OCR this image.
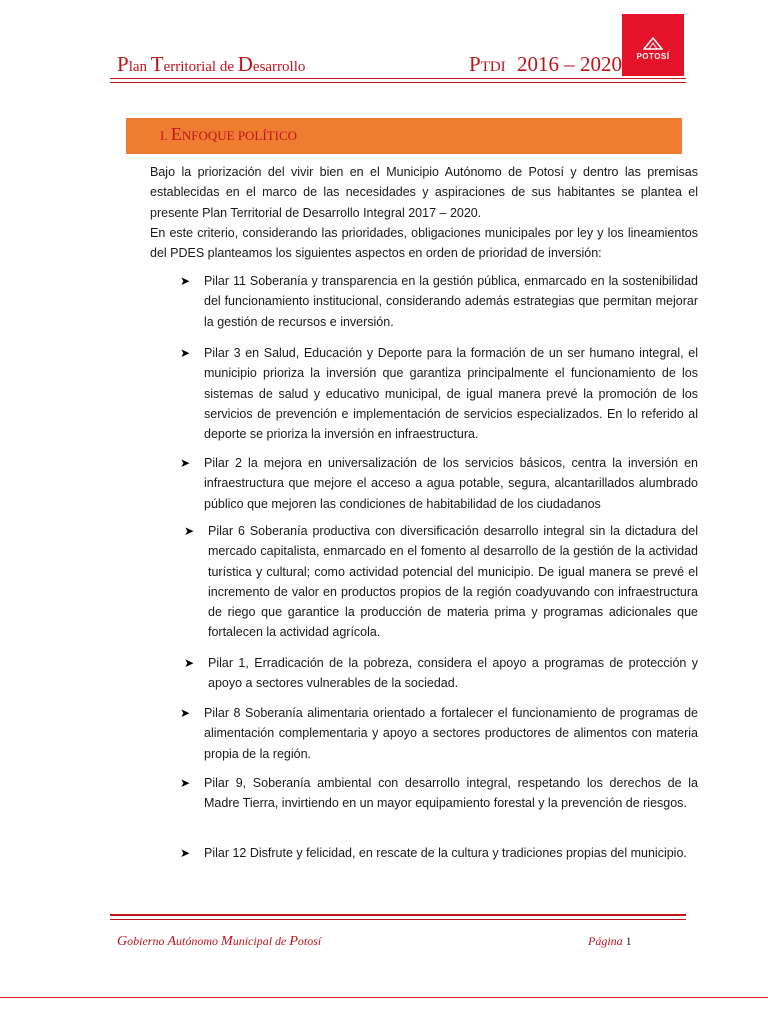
Plan Territorial de Desarrollo	PTDI 2016 – 2020 POTOSÍ
I. ENFOQUE POLÍTICO

Bajo la priorización del vivir bien en el Municipio Autónomo de Potosí y dentro las premisas establecidas en el marco de las necesidades y aspiraciones de sus habitantes se plantea el presente Plan Territorial de Desarrollo Integral 2017 – 2020.

En este criterio, considerando las prioridades, obligaciones municipales por ley y los lineamientos del PDES planteamos los siguientes aspectos en orden de prioridad de inversión:

➤ Pilar 11 Soberanía y transparencia en la gestión pública, enmarcado en la sostenibilidad del funcionamiento institucional, considerando además estrategias que permitan mejorar la gestión de recursos e inversión.
➤ Pilar 3 en Salud, Educación y Deporte para la formación de un ser humano integral, el municipio prioriza la inversión que garantiza principalmente el funcionamiento de los sistemas de salud y educativo municipal, de igual manera prevé la promoción de los servicios de prevención e implementación de servicios especializados. En lo referido al deporte se prioriza la inversión en infraestructura.
➤ Pilar 2 la mejora en universalización de los servicios básicos, centra la inversión en infraestructura que mejore el acceso a agua potable, segura, alcantarillados alumbrado público que mejoren las condiciones de habitabilidad de los ciudadanos
➤ Pilar 6 Soberanía productiva con diversificación desarrollo integral sin la dictadura del mercado capitalista, enmarcado en el fomento al desarrollo de la gestión de la actividad turística y cultural; como actividad potencial del municipio. De igual manera se prevé el incremento de valor en productos propios de la región coadyuvando con infraestructura de riego que garantice la producción de materia prima y programas adicionales que fortalecen la actividad agrícola.
➤ Pilar 1, Erradicación de la pobreza, considera el apoyo a programas de protección y apoyo a sectores vulnerables de la sociedad.
➤ Pilar 8 Soberanía alimentaria orientado a fortalecer el funcionamiento de programas de alimentación complementaria y apoyo a sectores productores de alimentos con materia propia de la región.
➤ Pilar 9, Soberanía ambiental con desarrollo integral, respetando los derechos de la Madre Tierra, invirtiendo en un mayor equipamiento forestal y la prevención de riesgos.
➤ Pilar 12 Disfrute y felicidad, en rescate de la cultura y tradiciones propias del municipio.
Gobierno Autónomo Municipal de Potosí	Página 1
